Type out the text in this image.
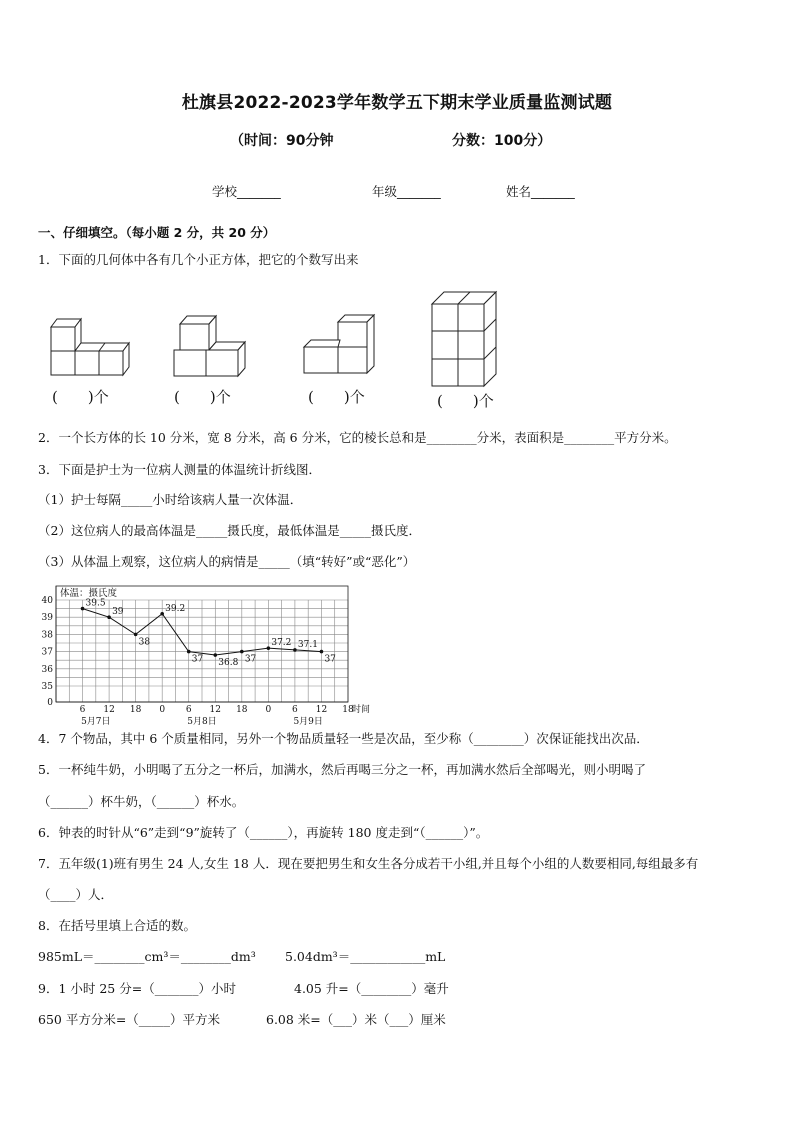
杜旗县2022-2023学年数学五下期末学业质量监测试题
（时间：90分钟	分数：100分）
学校_______	年级_______	姓名_______
一、仔细填空。（每小题 2 分，共 20 分）
1．下面的几何体中各有几个小正方体，把它的个数写出来
(　　)个	(　　)个	(　　)个	(　　)个
2．一个长方体的长 10 分米，宽 8 分米，高 6 分米，它的棱长总和是________分米，表面积是________平方分米。
3．下面是护士为一位病人测量的体温统计折线图．
（1）护士每隔_____小时给该病人量一次体温．
（2）这位病人的最高体温是_____摄氏度，最低体温是_____摄氏度．
（3）从体温上观察，这位病人的病情是_____（填“转好”或“恶化”）
0
35
36
37
38
39
40
体温：摄氏度
6 12 18 0 6 12 18 0 6 12 18
时间
5月7日	5月8日	5月9日
39.5
39
38
39.2
37 36.8 37
37.2 37.1
37
4．7 个物品，其中 6 个质量相同，另外一个物品质量轻一些是次品，至少称（________）次保证能找出次品．
5．一杯纯牛奶，小明喝了五分之一杯后，加满水，然后再喝三分之一杯，再加满水然后全部喝光，则小明喝了
（______）杯牛奶，（______）杯水。
6．钟表的时针从“6”走到“9”旋转了（______），再旋转 180 度走到“（______）”。
7．五年级(1)班有男生 24 人,女生 18 人．现在要把男生和女生各分成若干小组,并且每个小组的人数要相同,每组最多有
（____）人．
8．在括号里填上合适的数。
985mL＝________cm³＝________dm³ 5.04dm³＝____________mL
9．1 小时 25 分=（_______）小时	4.05 升=（________）毫升
650 平方分米=（_____）平方米	6.08 米=（___）米（___）厘米
